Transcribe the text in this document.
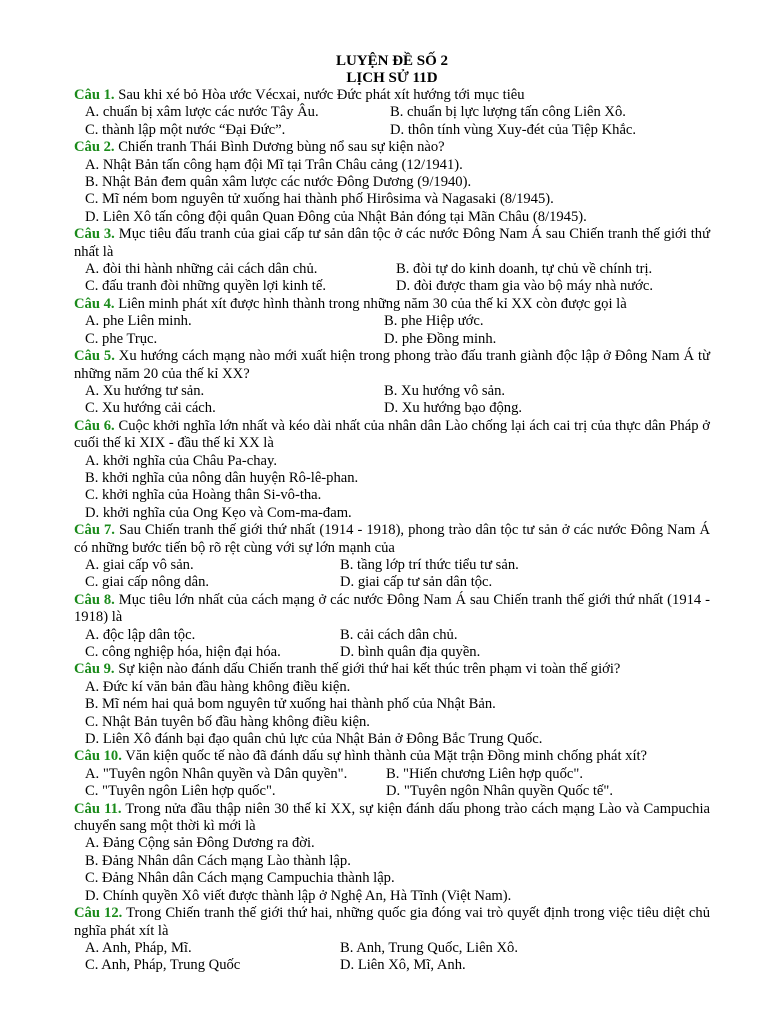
LUYỆN ĐỀ SỐ 2
LỊCH SỬ 11D
Câu 1. Sau khi xé bỏ Hòa ước Vécxai, nước Đức phát xít hướng tới mục tiêu
A. chuẩn bị xâm lược các nước Tây Âu.	B. chuẩn bị lực lượng tấn công Liên Xô.
C. thành lập một nước “Đại Đức”.	D. thôn tính vùng Xuy-đét của Tiệp Khắc.
Câu 2. Chiến tranh Thái Bình Dương bùng nổ sau sự kiện nào?
A. Nhật Bản tấn công hạm đội Mĩ tại Trân Châu cảng (12/1941).
B. Nhật Bản đem quân xâm lược các nước Đông Dương (9/1940).
C. Mĩ ném bom nguyên tử xuống hai thành phố Hirôsima và Nagasaki (8/1945).
D. Liên Xô tấn công đội quân Quan Đông của Nhật Bản đóng tại Mãn Châu (8/1945).
Câu 3. Mục tiêu đấu tranh của giai cấp tư sản dân tộc ở các nước Đông Nam Á sau Chiến tranh thế giới thứ nhất là
A. đòi thi hành những cải cách dân chủ.	B. đòi tự do kinh doanh, tự chủ về chính trị.
C. đấu tranh đòi những quyền lợi kinh tế.	D. đòi được tham gia vào bộ máy nhà nước.
Câu 4. Liên minh phát xít được hình thành trong những năm 30 của thế kỉ XX còn được gọi là
A. phe Liên minh.	B. phe Hiệp ước.
C. phe Trục.	D. phe Đồng minh.
Câu 5. Xu hướng cách mạng nào mới xuất hiện trong phong trào đấu tranh giành độc lập ở Đông Nam Á từ những năm 20 của thế kỉ XX?
A. Xu hướng tư sản.	B. Xu hướng vô sản.
C. Xu hướng cải cách.	D. Xu hướng bạo động.
Câu 6. Cuộc khởi nghĩa lớn nhất và kéo dài nhất của nhân dân Lào chống lại ách cai trị của thực dân Pháp ở cuối thế kỉ XIX - đầu thế kỉ XX là
A. khởi nghĩa của Châu Pa-chay.
B. khởi nghĩa của nông dân huyện Rô-lê-phan.
C. khởi nghĩa của Hoàng thân Si-vô-tha.
D. khởi nghĩa của Ong Kẹo và Com-ma-đam.
Câu 7. Sau Chiến tranh thế giới thứ nhất (1914 - 1918), phong trào dân tộc tư sản ở các nước Đông Nam Á có những bước tiến bộ rõ rệt cùng với sự lớn mạnh của
A. giai cấp vô sản.	B. tầng lớp trí thức tiểu tư sản.
C. giai cấp nông dân.	D. giai cấp tư sản dân tộc.
Câu 8. Mục tiêu lớn nhất của cách mạng ở các nước Đông Nam Á sau Chiến tranh thế giới thứ nhất (1914 - 1918) là
A. độc lập dân tộc.	B. cải cách dân chủ.
C. công nghiệp hóa, hiện đại hóa.	D. bình quân địa quyền.
Câu 9. Sự kiện nào đánh dấu Chiến tranh thế giới thứ hai kết thúc trên phạm vi toàn thế giới?
A. Đức kí văn bản đầu hàng không điều kiện.
B. Mĩ ném hai quả bom nguyên tử xuống hai thành phố của Nhật Bản.
C. Nhật Bản tuyên bố đầu hàng không điều kiện.
D. Liên Xô đánh bại đạo quân chủ lực của Nhật Bản ở Đông Bắc Trung Quốc.
Câu 10. Văn kiện quốc tế nào đã đánh dấu sự hình thành của Mặt trận Đồng minh chống phát xít?
A. "Tuyên ngôn Nhân quyền và Dân quyền".	B. "Hiến chương Liên hợp quốc".
C. "Tuyên ngôn Liên hợp quốc".	D. "Tuyên ngôn Nhân quyền Quốc tế".
Câu 11. Trong nửa đầu thập niên 30 thế kỉ XX, sự kiện đánh dấu phong trào cách mạng Lào và Campuchia chuyển sang một thời kì mới là
A. Đảng Cộng sản Đông Dương ra đời.
B. Đảng Nhân dân Cách mạng Lào thành lập.
C. Đảng Nhân dân Cách mạng Campuchia thành lập.
D. Chính quyền Xô viết được thành lập ở Nghệ An, Hà Tĩnh (Việt Nam).
Câu 12. Trong Chiến tranh thế giới thứ hai, những quốc gia đóng vai trò quyết định trong việc tiêu diệt chủ nghĩa phát xít là
A. Anh, Pháp, Mĩ.	B. Anh, Trung Quốc, Liên Xô.
C. Anh, Pháp, Trung Quốc	D. Liên Xô, Mĩ, Anh.
